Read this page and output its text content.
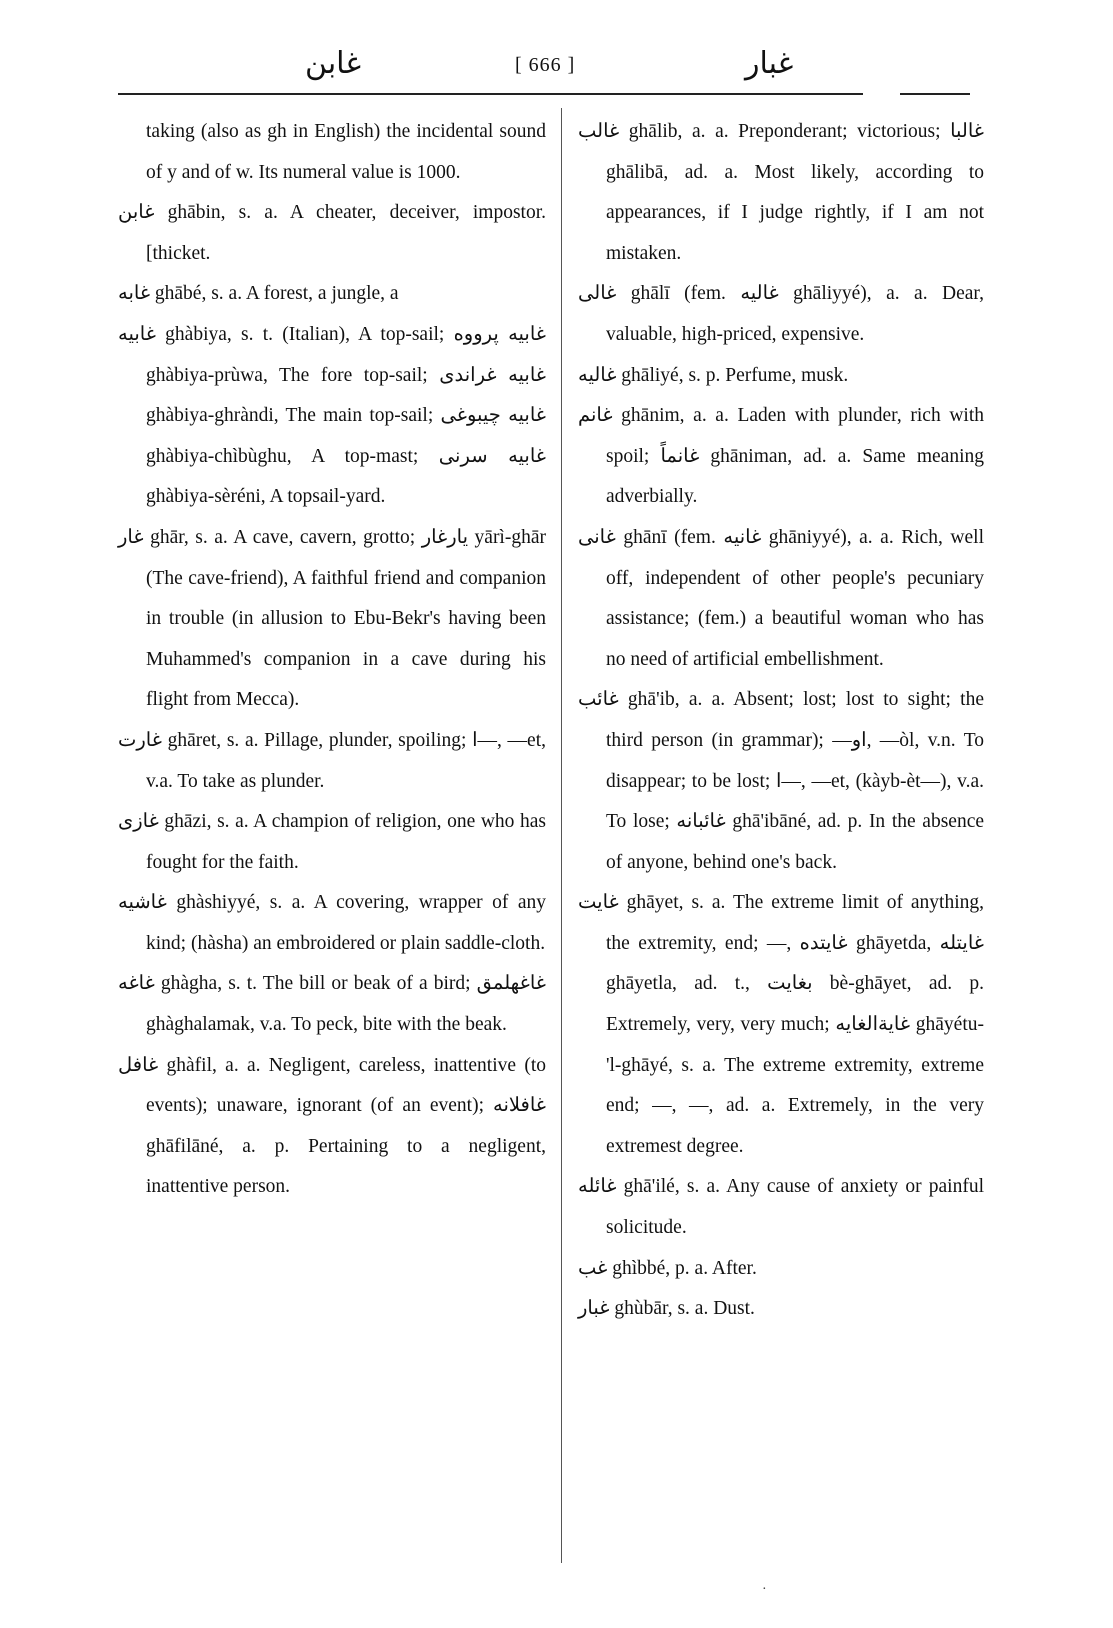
غابن	[ 666 ]	غبار

taking (also as gh in English) the incidental sound of y and of w. Its numeral value is 1000.

غابن ghābin, s. a. A cheater, deceiver, impostor. [thicket.

غابه ghābé, s. a. A forest, a jungle, a

غابیه ghàbiya, s. t. (Italian), A top-sail; غابیه پرووه ghàbiya-prùwa, The fore top-sail; غابیه غراندی ghàbiya-ghràndi, The main top-sail; غابیه چیبوغی ghàbiya-chìbùghu, A top-mast; غابیه سرنی ghàbiya-sèréni, A topsail-yard.

غار ghār, s. a. A cave, cavern, grotto; یارغار yārì-ghār (The cave-friend), A faithful friend and companion in trouble (in allusion to Ebu-Bekr's having been Muhammed's companion in a cave during his flight from Mecca).

غارت ghāret, s. a. Pillage, plunder, spoiling; ا—, —et, v.a. To take as plunder.

غازی ghāzi, s. a. A champion of religion, one who has fought for the faith.

غاشیه ghàshiyyé, s. a. A covering, wrapper of any kind; (hàsha) an embroidered or plain saddle-cloth.

غاغه ghàgha, s. t. The bill or beak of a bird; غاغهلمق ghàghalamak, v.a. To peck, bite with the beak.

غافل ghàfil, a. a. Negligent, careless, inattentive (to events); unaware, ignorant (of an event); غافلانه ghāfilāné, a. p. Pertaining to a negligent, inattentive person.

غالب ghālib, a. a. Preponderant; victorious; غالبا ghālibā, ad. a. Most likely, according to appearances, if I judge rightly, if I am not mistaken.

غالی ghālī (fem. غالیه ghāliyyé), a. a. Dear, valuable, high-priced, expensive.

غالیه ghāliyé, s. p. Perfume, musk.

غانم ghānim, a. a. Laden with plunder, rich with spoil; غانماً ghāniman, ad. a. Same meaning adverbially.

غانی ghānī (fem. غانیه ghāniyyé), a. a. Rich, well off, independent of other people's pecuniary assistance; (fem.) a beautiful woman who has no need of artificial embellishment.

غائب ghā'ib, a. a. Absent; lost; lost to sight; the third person (in grammar); —او, —òl, v.n. To disappear; to be lost; ا—, —et, (kàyb-èt—), v.a. To lose; غائبانه ghā'ibāné, ad. p. In the absence of anyone, behind one's back.

غایت ghāyet, s. a. The extreme limit of anything, the extremity, end; —, غایتده ghāyetda, غایتله ghāyetla, ad. t., بغایت bè-ghāyet, ad. p. Extremely, very, very much; غایةالغایه ghāyétu-'l-ghāyé, s. a. The extreme extremity, extreme end; —, —, ad. a. Extremely, in the very extremest degree.

غائله ghā'ilé, s. a. Any cause of anxiety or painful solicitude.

غب ghìbbé, p. a. After.

غبار ghùbār, s. a. Dust.

·
